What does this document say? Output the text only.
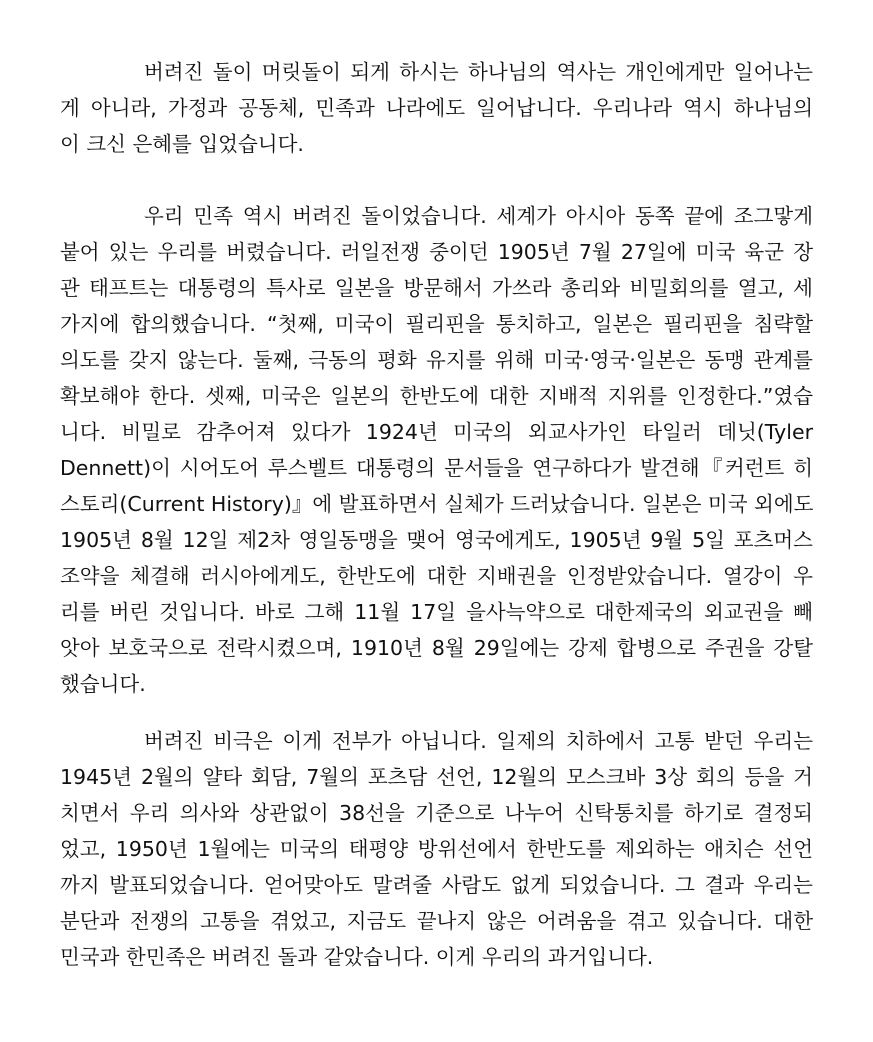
버려진 돌이 머릿돌이 되게 하시는 하나님의 역사는 개인에게만 일어나는
게 아니라, 가정과 공동체, 민족과 나라에도 일어납니다. 우리나라 역시 하나님의
이 크신 은혜를 입었습니다.

우리 민족 역시 버려진 돌이었습니다. 세계가 아시아 동쪽 끝에 조그맣게
붙어 있는 우리를 버렸습니다. 러일전쟁 중이던 1905년 7월 27일에 미국 육군 장
관 태프트는 대통령의 특사로 일본을 방문해서 가쓰라 총리와 비밀회의를 열고, 세
가지에 합의했습니다. “첫째, 미국이 필리핀을 통치하고, 일본은 필리핀을 침략할
의도를 갖지 않는다. 둘째, 극동의 평화 유지를 위해 미국·영국·일본은 동맹 관계를
확보해야 한다. 셋째, 미국은 일본의 한반도에 대한 지배적 지위를 인정한다.”였습
니다. 비밀로 감추어져 있다가 1924년 미국의 외교사가인 타일러 데닛(Tyler
Dennett)이 시어도어 루스벨트 대통령의 문서들을 연구하다가 발견해『커런트 히
스토리(Current History)』에 발표하면서 실체가 드러났습니다. 일본은 미국 외에도
1905년 8월 12일 제2차 영일동맹을 맺어 영국에게도, 1905년 9월 5일 포츠머스
조약을 체결해 러시아에게도, 한반도에 대한 지배권을 인정받았습니다. 열강이 우
리를 버린 것입니다. 바로 그해 11월 17일 을사늑약으로 대한제국의 외교권을 빼
앗아 보호국으로 전락시켰으며, 1910년 8월 29일에는 강제 합병으로 주권을 강탈
했습니다.

버려진 비극은 이게 전부가 아닙니다. 일제의 치하에서 고통 받던 우리는
1945년 2월의 얄타 회담, 7월의 포츠담 선언, 12월의 모스크바 3상 회의 등을 거
치면서 우리 의사와 상관없이 38선을 기준으로 나누어 신탁통치를 하기로 결정되
었고, 1950년 1월에는 미국의 태평양 방위선에서 한반도를 제외하는 애치슨 선언
까지 발표되었습니다. 얻어맞아도 말려줄 사람도 없게 되었습니다. 그 결과 우리는
분단과 전쟁의 고통을 겪었고, 지금도 끝나지 않은 어려움을 겪고 있습니다. 대한
민국과 한민족은 버려진 돌과 같았습니다. 이게 우리의 과거입니다.
